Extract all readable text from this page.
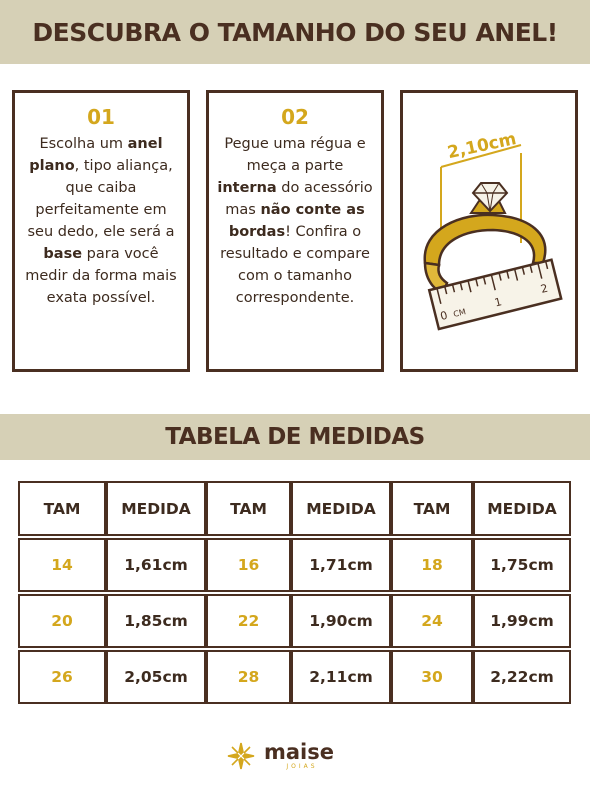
DESCUBRA O TAMANHO DO SEU ANEL!
01

Escolha um anel plano, tipo aliança, que caiba perfeitamente em seu dedo, ele será a base para você medir da forma mais exata possível.

02

Pegue uma régua e meça a parte interna do acessório mas não conte as bordas! Confira o resultado e compare com o tamanho correspondente.

2,10cm
0 CM
1
2
TABELA DE MEDIDAS
TAM	MEDIDA	TAM	MEDIDA	TAM	MEDIDA
14	1,61cm	16	1,71cm	18	1,75cm
20	1,85cm	22	1,90cm	24	1,99cm
26	2,05cm	28	2,11cm	30	2,22cm
maise
JOIAS
